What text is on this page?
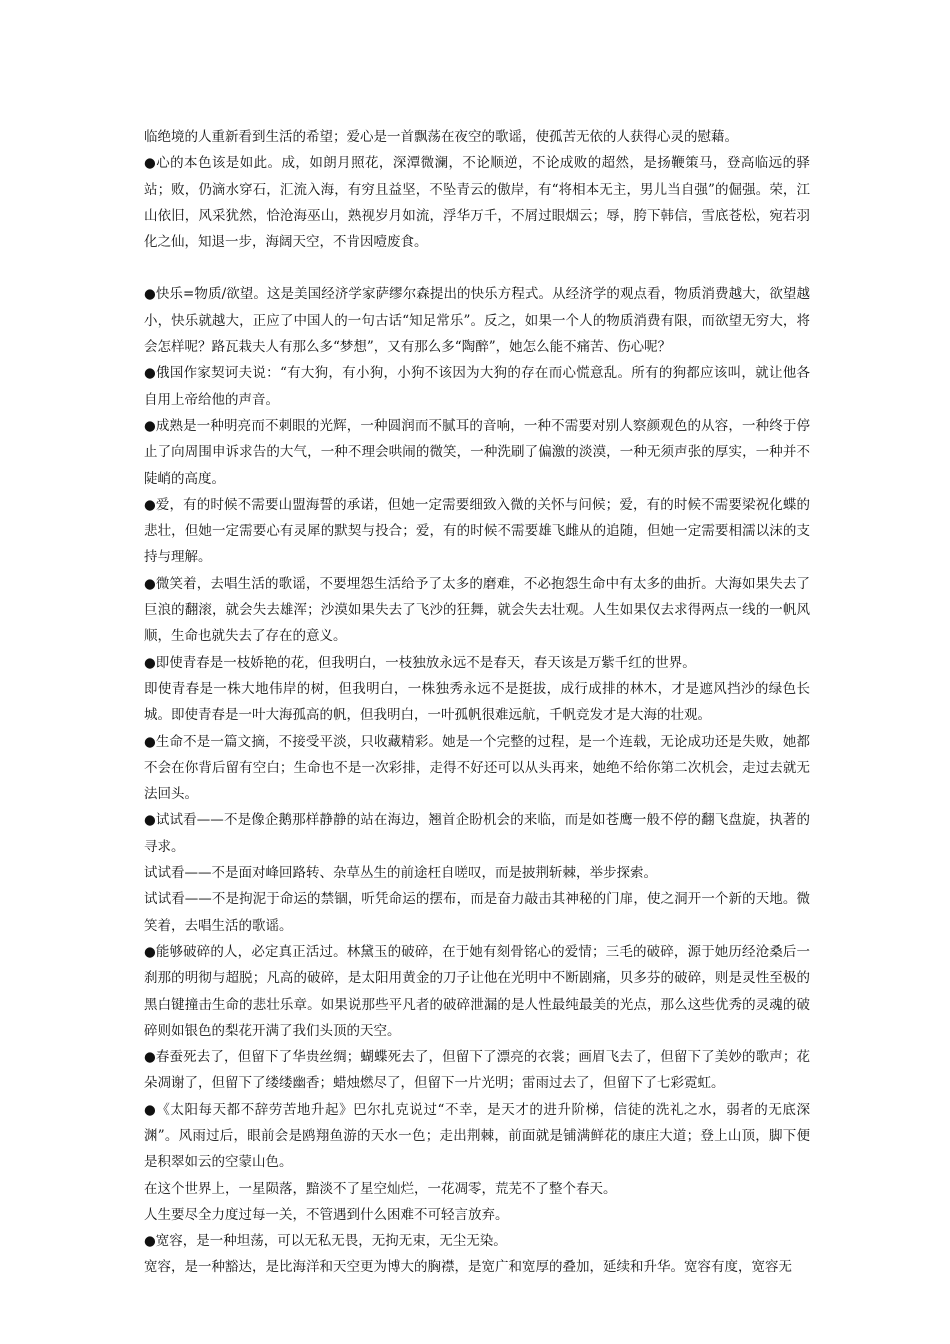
临绝境的人重新看到生活的希望；爱心是一首飘荡在夜空的歌谣，使孤苦无依的人获得心灵的慰藉。

●心的本色该是如此。成，如朗月照花，深潭微澜，不论顺逆，不论成败的超然，是扬鞭策马，登高临远的驿站；败，仍滴水穿石，汇流入海，有穷且益坚，不坠青云的傲岸，有“将相本无主，男儿当自强”的倔强。荣，江山依旧，风采犹然，恰沧海巫山，熟视岁月如流，浮华万千，不屑过眼烟云；辱，胯下韩信，雪底苍松，宛若羽化之仙，知退一步，海阔天空，不肯因噎废食。

●快乐=物质/欲望。这是美国经济学家萨缪尔森提出的快乐方程式。从经济学的观点看，物质消费越大，欲望越小，快乐就越大，正应了中国人的一句古话“知足常乐”。反之，如果一个人的物质消费有限，而欲望无穷大，将会怎样呢？路瓦栽夫人有那么多“梦想”，又有那么多“陶醉”，她怎么能不痛苦、伤心呢？

●俄国作家契诃夫说：“有大狗，有小狗，小狗不该因为大狗的存在而心慌意乱。所有的狗都应该叫，就让他各自用上帝给他的声音。

●成熟是一种明亮而不刺眼的光辉，一种圆润而不腻耳的音响，一种不需要对别人察颜观色的从容，一种终于停止了向周围申诉求告的大气，一种不理会哄闹的微笑，一种洗刷了偏激的淡漠，一种无须声张的厚实，一种并不陡峭的高度。

●爱，有的时候不需要山盟海誓的承诺，但她一定需要细致入微的关怀与问候；爱，有的时候不需要梁祝化蝶的悲壮，但她一定需要心有灵犀的默契与投合；爱，有的时候不需要雄飞雌从的追随，但她一定需要相濡以沫的支持与理解。

●微笑着，去唱生活的歌谣，不要埋怨生活给予了太多的磨难，不必抱怨生命中有太多的曲折。大海如果失去了巨浪的翻滚，就会失去雄浑；沙漠如果失去了飞沙的狂舞，就会失去壮观。人生如果仅去求得两点一线的一帆风顺，生命也就失去了存在的意义。

●即使青春是一枝娇艳的花，但我明白，一枝独放永远不是春天，春天该是万紫千红的世界。

即使青春是一株大地伟岸的树，但我明白，一株独秀永远不是挺拔，成行成排的林木，才是遮风挡沙的绿色长城。即使青春是一叶大海孤高的帆，但我明白，一叶孤帆很难远航，千帆竞发才是大海的壮观。

●生命不是一篇文摘，不接受平淡，只收藏精彩。她是一个完整的过程，是一个连载，无论成功还是失败，她都不会在你背后留有空白；生命也不是一次彩排，走得不好还可以从头再来，她绝不给你第二次机会，走过去就无法回头。

●试试看——不是像企鹅那样静静的站在海边，翘首企盼机会的来临，而是如苍鹰一般不停的翻飞盘旋，执著的寻求。

试试看——不是面对峰回路转、杂草丛生的前途枉自嗟叹，而是披荆斩棘，举步探索。

试试看——不是拘泥于命运的禁锢，听凭命运的摆布，而是奋力敲击其神秘的门扉，使之洞开一个新的天地。微笑着，去唱生活的歌谣。

●能够破碎的人，必定真正活过。林黛玉的破碎，在于她有刻骨铭心的爱情；三毛的破碎，源于她历经沧桑后一刹那的明彻与超脱；凡高的破碎，是太阳用黄金的刀子让他在光明中不断剧痛，贝多芬的破碎，则是灵性至极的黑白键撞击生命的悲壮乐章。如果说那些平凡者的破碎泄漏的是人性最纯最美的光点，那么这些优秀的灵魂的破碎则如银色的梨花开满了我们头顶的天空。

●春蚕死去了，但留下了华贵丝绸；蝴蝶死去了，但留下了漂亮的衣裳；画眉飞去了，但留下了美妙的歌声；花朵凋谢了，但留下了缕缕幽香；蜡烛燃尽了，但留下一片光明；雷雨过去了，但留下了七彩霓虹。

●《太阳每天都不辞劳苦地升起》巴尔扎克说过“不幸，是天才的进升阶梯，信徒的洗礼之水，弱者的无底深渊”。风雨过后，眼前会是鸥翔鱼游的天水一色；走出荆棘，前面就是铺满鲜花的康庄大道；登上山顶，脚下便是积翠如云的空蒙山色。

在这个世界上，一星陨落，黯淡不了星空灿烂，一花凋零，荒芜不了整个春天。

人生要尽全力度过每一关，不管遇到什么困难不可轻言放弃。

●宽容，是一种坦荡，可以无私无畏，无拘无束，无尘无染。

宽容，是一种豁达，是比海洋和天空更为博大的胸襟，是宽广和宽厚的叠加，延续和升华。宽容有度，宽容无
